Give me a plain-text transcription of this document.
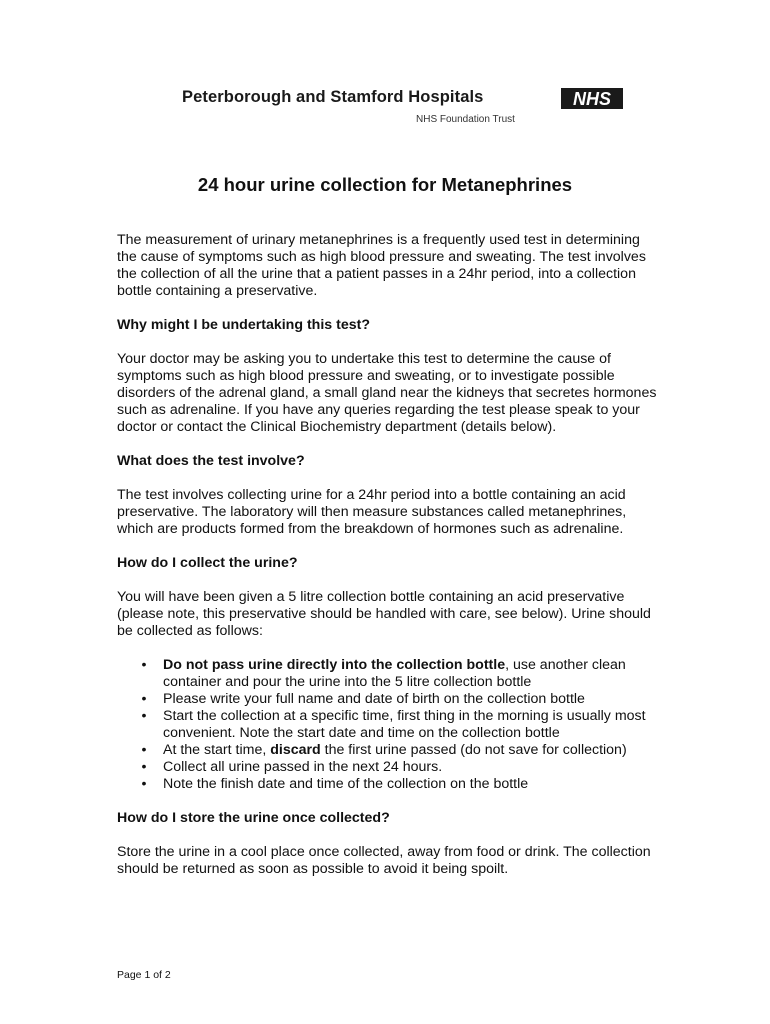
Peterborough and Stamford Hospitals	NHS
NHS Foundation Trust
24 hour urine collection for Metanephrines

The measurement of urinary metanephrines is a frequently used test in determining the cause of symptoms such as high blood pressure and sweating. The test involves the collection of all the urine that a patient passes in a 24hr period, into a collection bottle containing a preservative.

Why might I be undertaking this test?

Your doctor may be asking you to undertake this test to determine the cause of symptoms such as high blood pressure and sweating, or to investigate possible disorders of the adrenal gland, a small gland near the kidneys that secretes hormones such as adrenaline. If you have any queries regarding the test please speak to your doctor or contact the Clinical Biochemistry department (details below).

What does the test involve?

The test involves collecting urine for a 24hr period into a bottle containing an acid preservative. The laboratory will then measure substances called metanephrines, which are products formed from the breakdown of hormones such as adrenaline.

How do I collect the urine?

You will have been given a 5 litre collection bottle containing an acid preservative (please note, this preservative should be handled with care, see below). Urine should be collected as follows:

• Do not pass urine directly into the collection bottle, use another clean container and pour the urine into the 5 litre collection bottle
• Please write your full name and date of birth on the collection bottle
• Start the collection at a specific time, first thing in the morning is usually most convenient. Note the start date and time on the collection bottle
• At the start time, discard the first urine passed (do not save for collection)
• Collect all urine passed in the next 24 hours.
• Note the finish date and time of the collection on the bottle

How do I store the urine once collected?

Store the urine in a cool place once collected, away from food or drink. The collection should be returned as soon as possible to avoid it being spoilt.

Page 1 of 2
